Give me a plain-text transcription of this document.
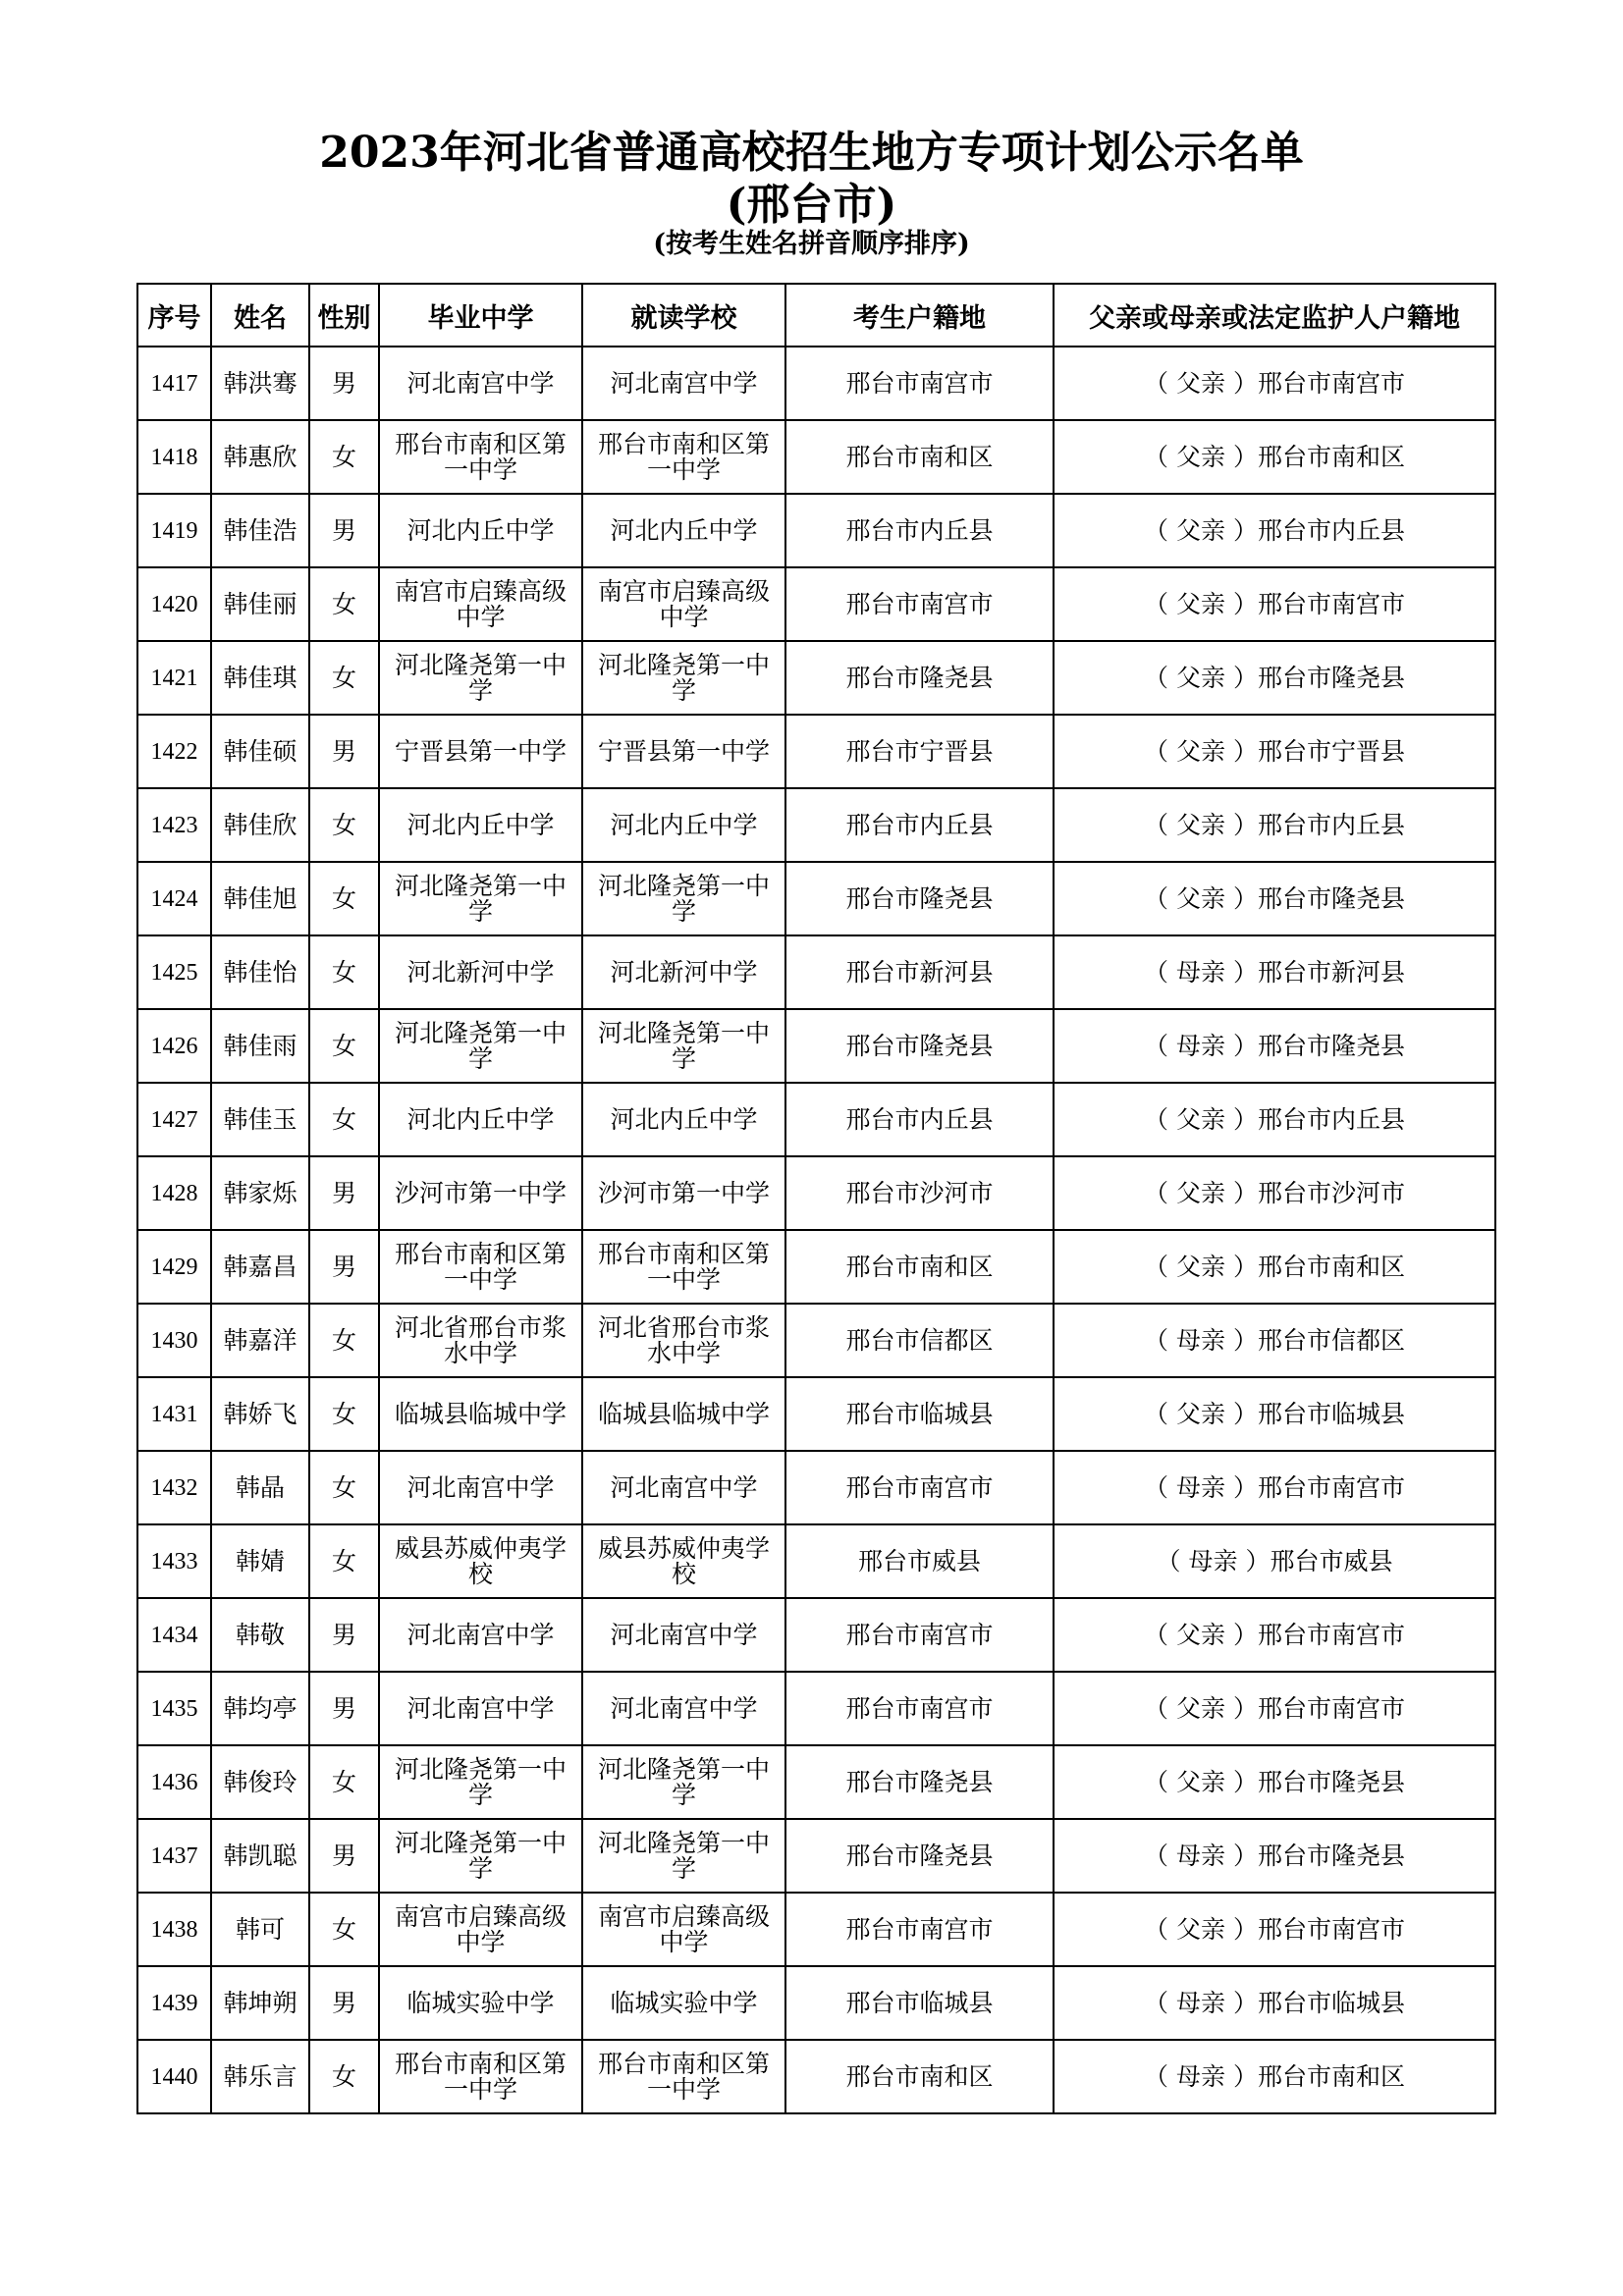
2023年河北省普通高校招生地方专项计划公示名单
(邢台市)
(按考生姓名拼音顺序排序)
序号	姓名	性别	毕业中学	就读学校	考生户籍地	父亲或母亲或法定监护人户籍地
1417	韩洪骞	男	河北南宫中学	河北南宫中学	邢台市南宫市	（ 父亲 ）邢台市南宫市
1418	韩惠欣	女	邢台市南和区第一中学	邢台市南和区第一中学	邢台市南和区	（ 父亲 ）邢台市南和区
1419	韩佳浩	男	河北内丘中学	河北内丘中学	邢台市内丘县	（ 父亲 ）邢台市内丘县
1420	韩佳丽	女	南宫市启臻高级中学	南宫市启臻高级中学	邢台市南宫市	（ 父亲 ）邢台市南宫市
1421	韩佳琪	女	河北隆尧第一中学	河北隆尧第一中学	邢台市隆尧县	（ 父亲 ）邢台市隆尧县
1422	韩佳硕	男	宁晋县第一中学	宁晋县第一中学	邢台市宁晋县	（ 父亲 ）邢台市宁晋县
1423	韩佳欣	女	河北内丘中学	河北内丘中学	邢台市内丘县	（ 父亲 ）邢台市内丘县
1424	韩佳旭	女	河北隆尧第一中学	河北隆尧第一中学	邢台市隆尧县	（ 父亲 ）邢台市隆尧县
1425	韩佳怡	女	河北新河中学	河北新河中学	邢台市新河县	（ 母亲 ）邢台市新河县
1426	韩佳雨	女	河北隆尧第一中学	河北隆尧第一中学	邢台市隆尧县	（ 母亲 ）邢台市隆尧县
1427	韩佳玉	女	河北内丘中学	河北内丘中学	邢台市内丘县	（ 父亲 ）邢台市内丘县
1428	韩家烁	男	沙河市第一中学	沙河市第一中学	邢台市沙河市	（ 父亲 ）邢台市沙河市
1429	韩嘉昌	男	邢台市南和区第一中学	邢台市南和区第一中学	邢台市南和区	（ 父亲 ）邢台市南和区
1430	韩嘉洋	女	河北省邢台市浆水中学	河北省邢台市浆水中学	邢台市信都区	（ 母亲 ）邢台市信都区
1431	韩娇飞	女	临城县临城中学	临城县临城中学	邢台市临城县	（ 父亲 ）邢台市临城县
1432	韩晶	女	河北南宫中学	河北南宫中学	邢台市南宫市	（ 母亲 ）邢台市南宫市
1433	韩婧	女	威县苏威仲夷学校	威县苏威仲夷学校	邢台市威县	（ 母亲 ）邢台市威县
1434	韩敬	男	河北南宫中学	河北南宫中学	邢台市南宫市	（ 父亲 ）邢台市南宫市
1435	韩均亭	男	河北南宫中学	河北南宫中学	邢台市南宫市	（ 父亲 ）邢台市南宫市
1436	韩俊玲	女	河北隆尧第一中学	河北隆尧第一中学	邢台市隆尧县	（ 父亲 ）邢台市隆尧县
1437	韩凯聪	男	河北隆尧第一中学	河北隆尧第一中学	邢台市隆尧县	（ 母亲 ）邢台市隆尧县
1438	韩可	女	南宫市启臻高级中学	南宫市启臻高级中学	邢台市南宫市	（ 父亲 ）邢台市南宫市
1439	韩坤朔	男	临城实验中学	临城实验中学	邢台市临城县	（ 母亲 ）邢台市临城县
1440	韩乐言	女	邢台市南和区第一中学	邢台市南和区第一中学	邢台市南和区	（ 母亲 ）邢台市南和区
